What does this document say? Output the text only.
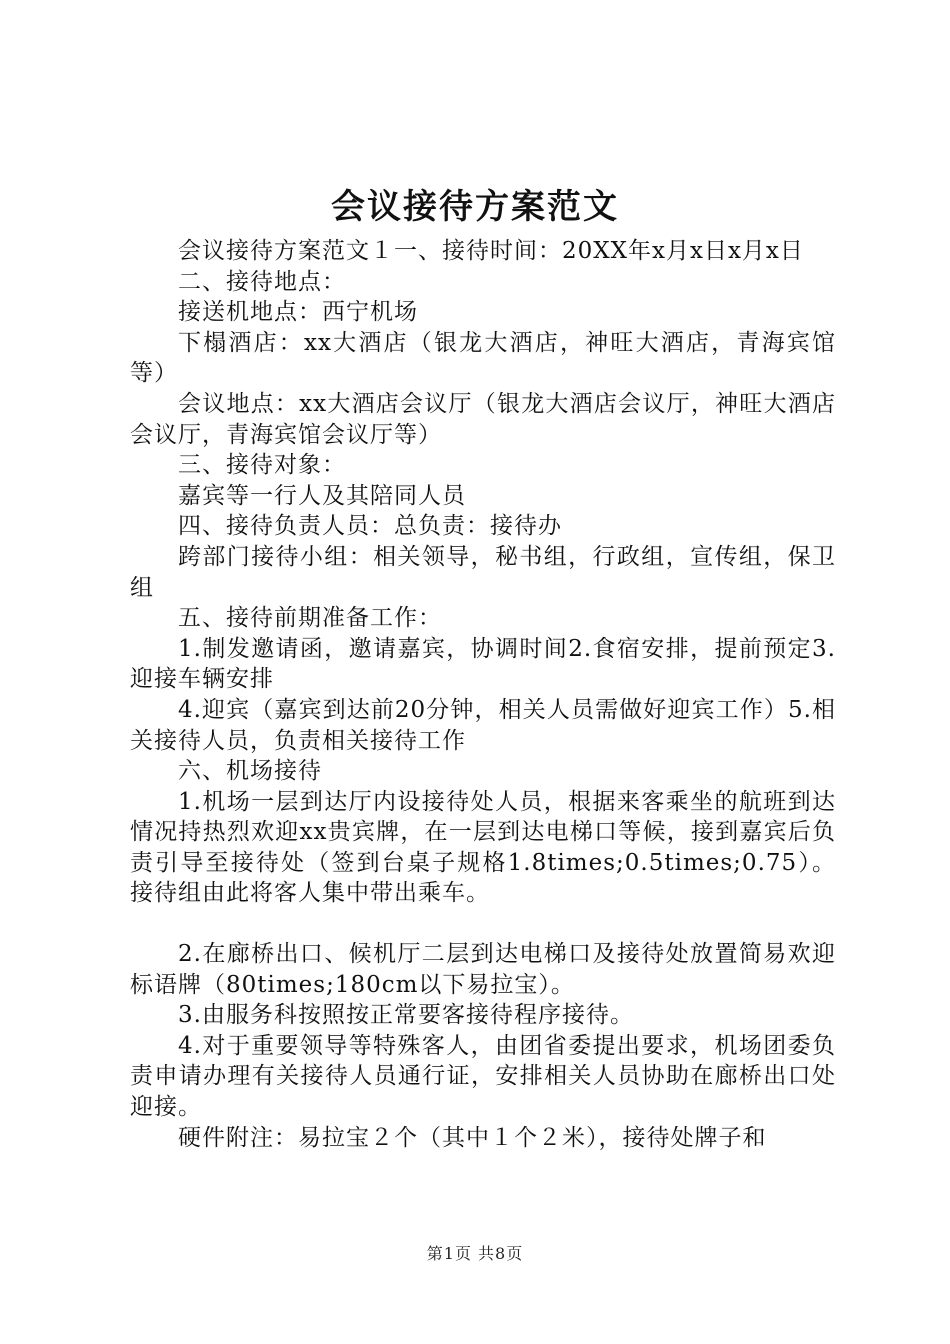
会议接待方案范文

会议接待方案范文１一、接待时间：20XX年x月x日x月x日

二、接待地点：

接送机地点：西宁机场

下榻酒店：xx大酒店（银龙大酒店，神旺大酒店，青海宾馆等）

会议地点：xx大酒店会议厅（银龙大酒店会议厅，神旺大酒店会议厅，青海宾馆会议厅等）

三、接待对象：

嘉宾等一行人及其陪同人员

四、接待负责人员：总负责：接待办

跨部门接待小组：相关领导，秘书组，行政组，宣传组，保卫组

五、接待前期准备工作：

1.制发邀请函，邀请嘉宾，协调时间2.食宿安排，提前预定3.迎接车辆安排

4.迎宾（嘉宾到达前20分钟，相关人员需做好迎宾工作）5.相关接待人员，负责相关接待工作

六、机场接待

1.机场一层到达厅内设接待处人员，根据来客乘坐的航班到达情况持热烈欢迎xx贵宾牌，在一层到达电梯口等候，接到嘉宾后负责引导至接待处（签到台桌子规格1.8times;0.5times;0.75）。接待组由此将客人集中带出乘车。

2.在廊桥出口、候机厅二层到达电梯口及接待处放置简易欢迎标语牌（80times;180cm以下易拉宝）。

3.由服务科按照按正常要客接待程序接待。

4.对于重要领导等特殊客人，由团省委提出要求，机场团委负责申请办理有关接待人员通行证，安排相关人员协助在廊桥出口处迎接。

硬件附注：易拉宝２个（其中１个２米），接待处牌子和

第1页 共8页
